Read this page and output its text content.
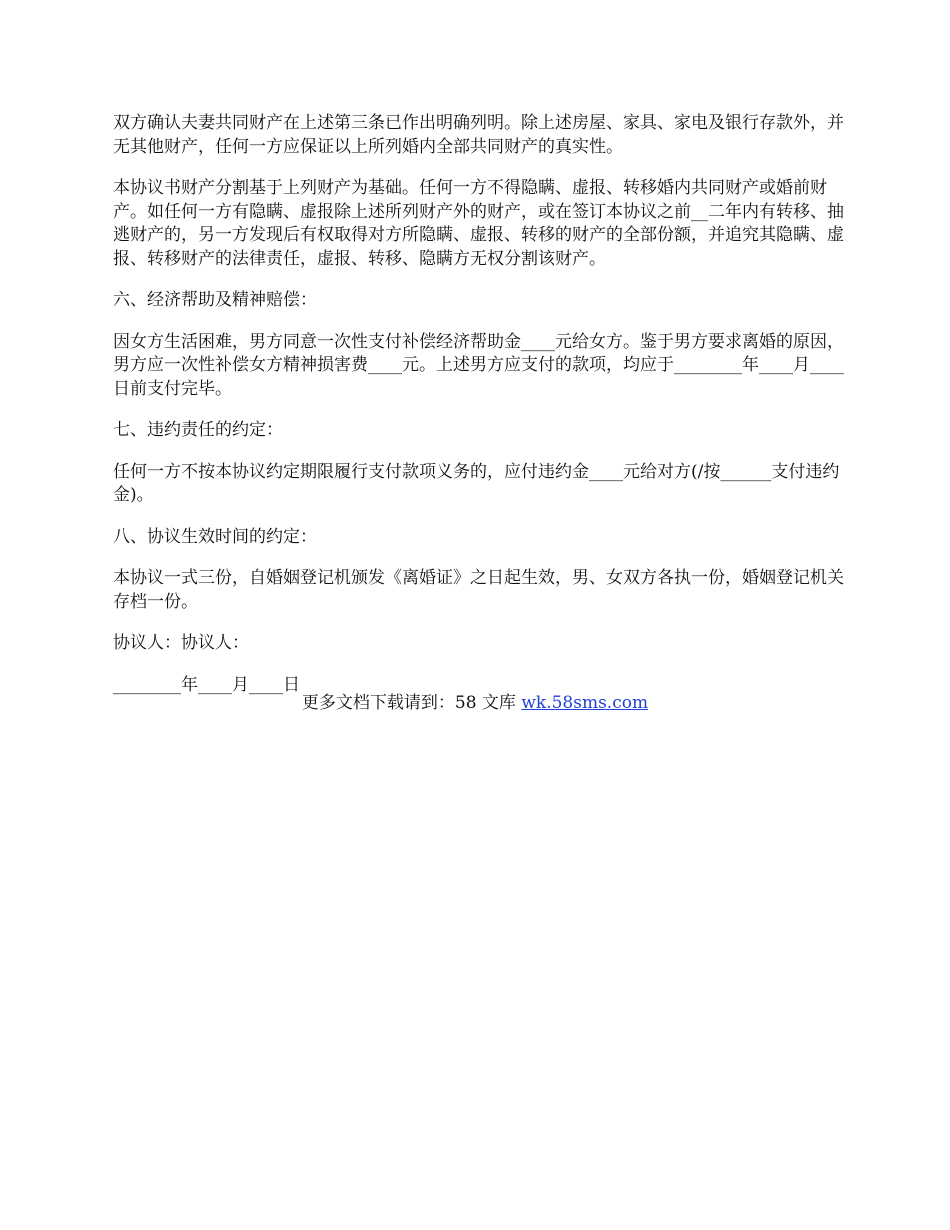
双方确认夫妻共同财产在上述第三条已作出明确列明。除上述房屋、家具、家电及银行存款外，并无其他财产，任何一方应保证以上所列婚内全部共同财产的真实性。

本协议书财产分割基于上列财产为基础。任何一方不得隐瞒、虚报、转移婚内共同财产或婚前财产。如任何一方有隐瞒、虚报除上述所列财产外的财产，或在签订本协议之前__二年内有转移、抽逃财产的，另一方发现后有权取得对方所隐瞒、虚报、转移的财产的全部份额，并追究其隐瞒、虚报、转移财产的法律责任，虚报、转移、隐瞒方无权分割该财产。

六、经济帮助及精神赔偿：

因女方生活困难，男方同意一次性支付补偿经济帮助金____元给女方。鉴于男方要求离婚的原因，男方应一次性补偿女方精神损害费____元。上述男方应支付的款项，均应于________年____月____日前支付完毕。

七、违约责任的约定：

任何一方不按本协议约定期限履行支付款项义务的，应付违约金____元给对方(/按______支付违约金)。

八、协议生效时间的约定：

本协议一式三份，自婚姻登记机颁发《离婚证》之日起生效，男、女双方各执一份，婚姻登记机关存档一份。

协议人：协议人：

________年____月____日

更多文档下载请到：58 文库 wk.58sms.com
